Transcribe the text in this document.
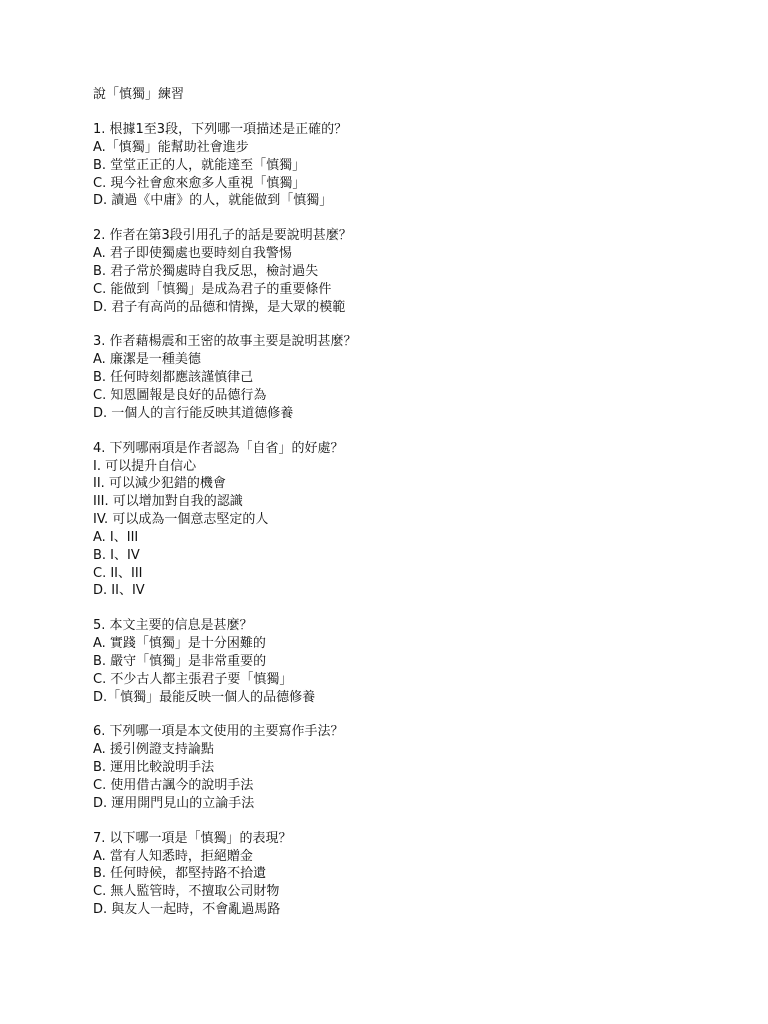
說「慎獨」練習
1. 根據1至3段，下列哪一項描述是正確的？
A.「慎獨」能幫助社會進步
B. 堂堂正正的人，就能達至「慎獨」
C. 現今社會愈來愈多人重視「慎獨」
D. 讀過《中庸》的人，就能做到「慎獨」
2. 作者在第3段引用孔子的話是要說明甚麼？
A. 君子即使獨處也要時刻自我警惕
B. 君子常於獨處時自我反思，檢討過失
C. 能做到「慎獨」是成為君子的重要條件
D. 君子有高尚的品德和情操，是大眾的模範
3. 作者藉楊震和王密的故事主要是說明甚麼？
A. 廉潔是一種美德
B. 任何時刻都應該謹慎律己
C. 知恩圖報是良好的品德行為
D. 一個人的言行能反映其道德修養
4. 下列哪兩項是作者認為「自省」的好處？
I. 可以提升自信心
II. 可以減少犯錯的機會
III. 可以增加對自我的認識
IV. 可以成為一個意志堅定的人
A. I、III
B. I、IV
C. II、III
D. II、IV
5. 本文主要的信息是甚麼？
A. 實踐「慎獨」是十分困難的
B. 嚴守「慎獨」是非常重要的
C. 不少古人都主張君子要「慎獨」
D.「慎獨」最能反映一個人的品德修養
6. 下列哪一項是本文使用的主要寫作手法？
A. 援引例證支持論點
B. 運用比較說明手法
C. 使用借古諷今的說明手法
D. 運用開門見山的立論手法
7. 以下哪一項是「慎獨」的表現？
A. 當有人知悉時，拒絕贈金
B. 任何時候，都堅持路不拾遺
C. 無人監管時，不擅取公司財物
D. 與友人一起時，不會亂過馬路
